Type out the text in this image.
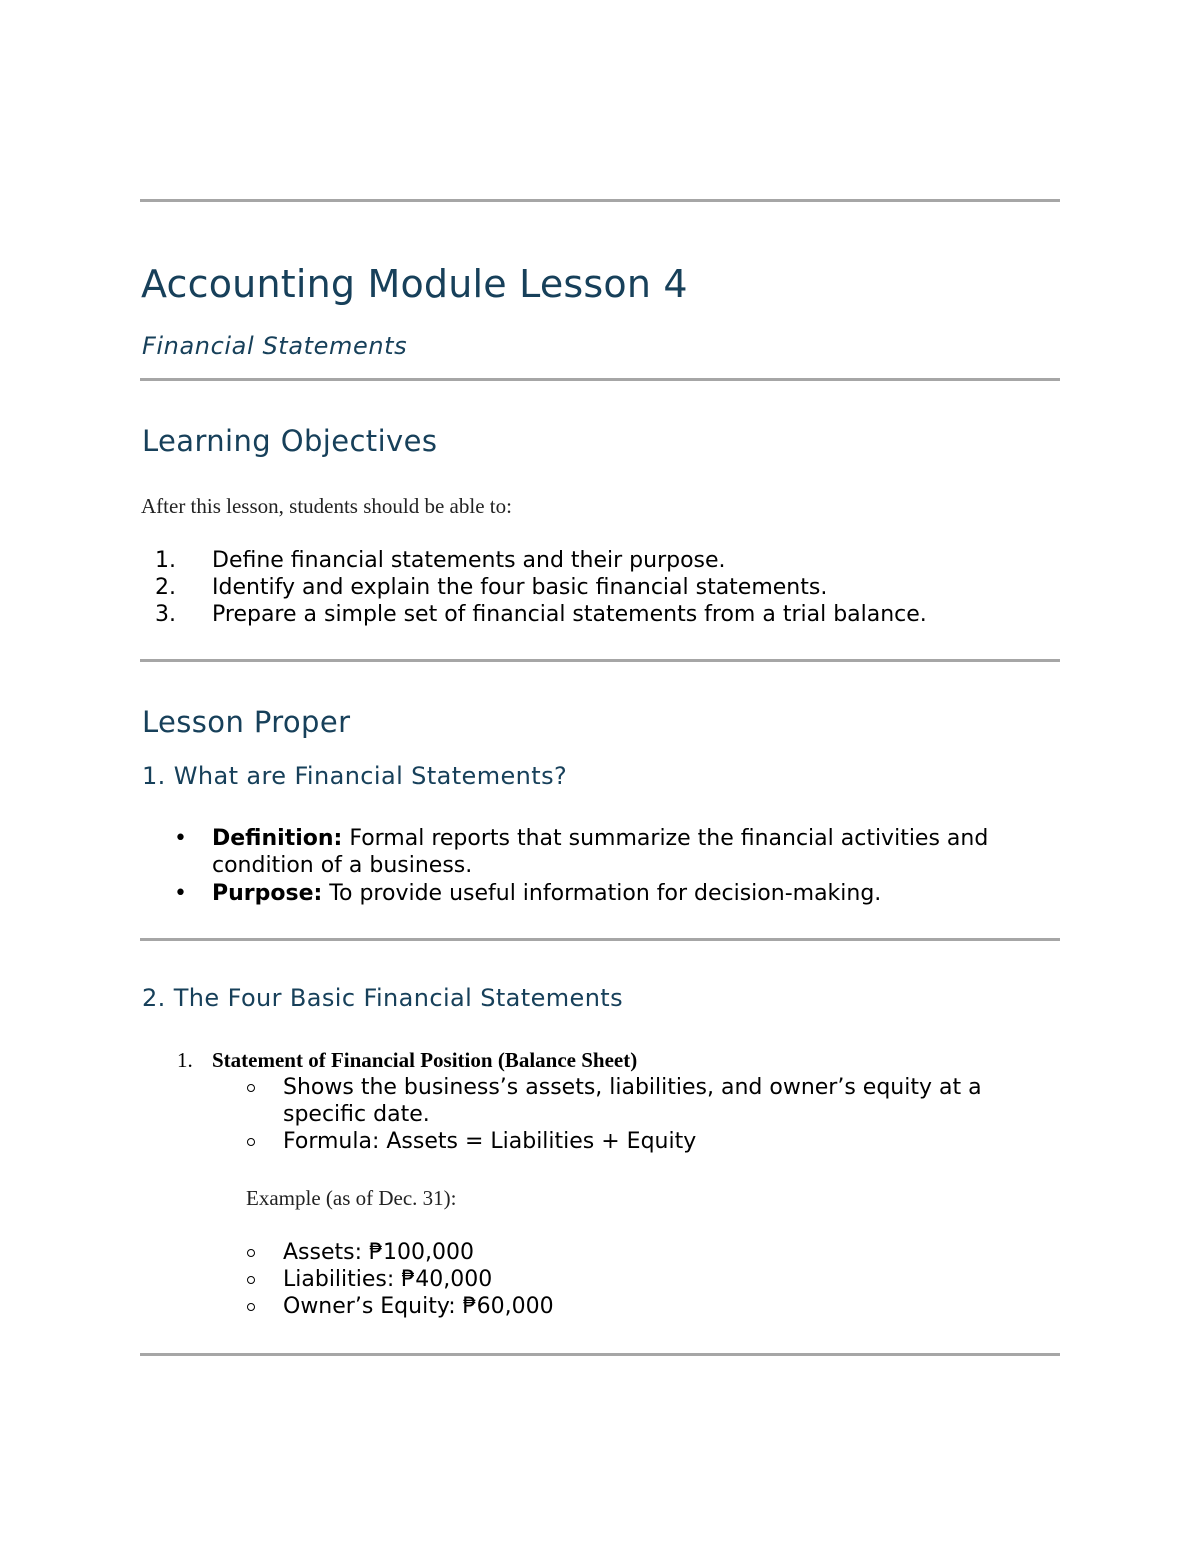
Accounting Module Lesson 4
Financial Statements
Learning Objectives
After this lesson, students should be able to:
1. Define financial statements and their purpose.
2. Identify and explain the four basic financial statements.
3. Prepare a simple set of financial statements from a trial balance.
Lesson Proper
1. What are Financial Statements?
• Definition: Formal reports that summarize the financial activities and condition of a business.
• Purpose: To provide useful information for decision-making.
2. The Four Basic Financial Statements
1. Statement of Financial Position (Balance Sheet)
Shows the business’s assets, liabilities, and owner’s equity at a specific date.
Formula: Assets = Liabilities + Equity
Example (as of Dec. 31):
Assets: ₱100,000
Liabilities: ₱40,000
Owner’s Equity: ₱60,000
